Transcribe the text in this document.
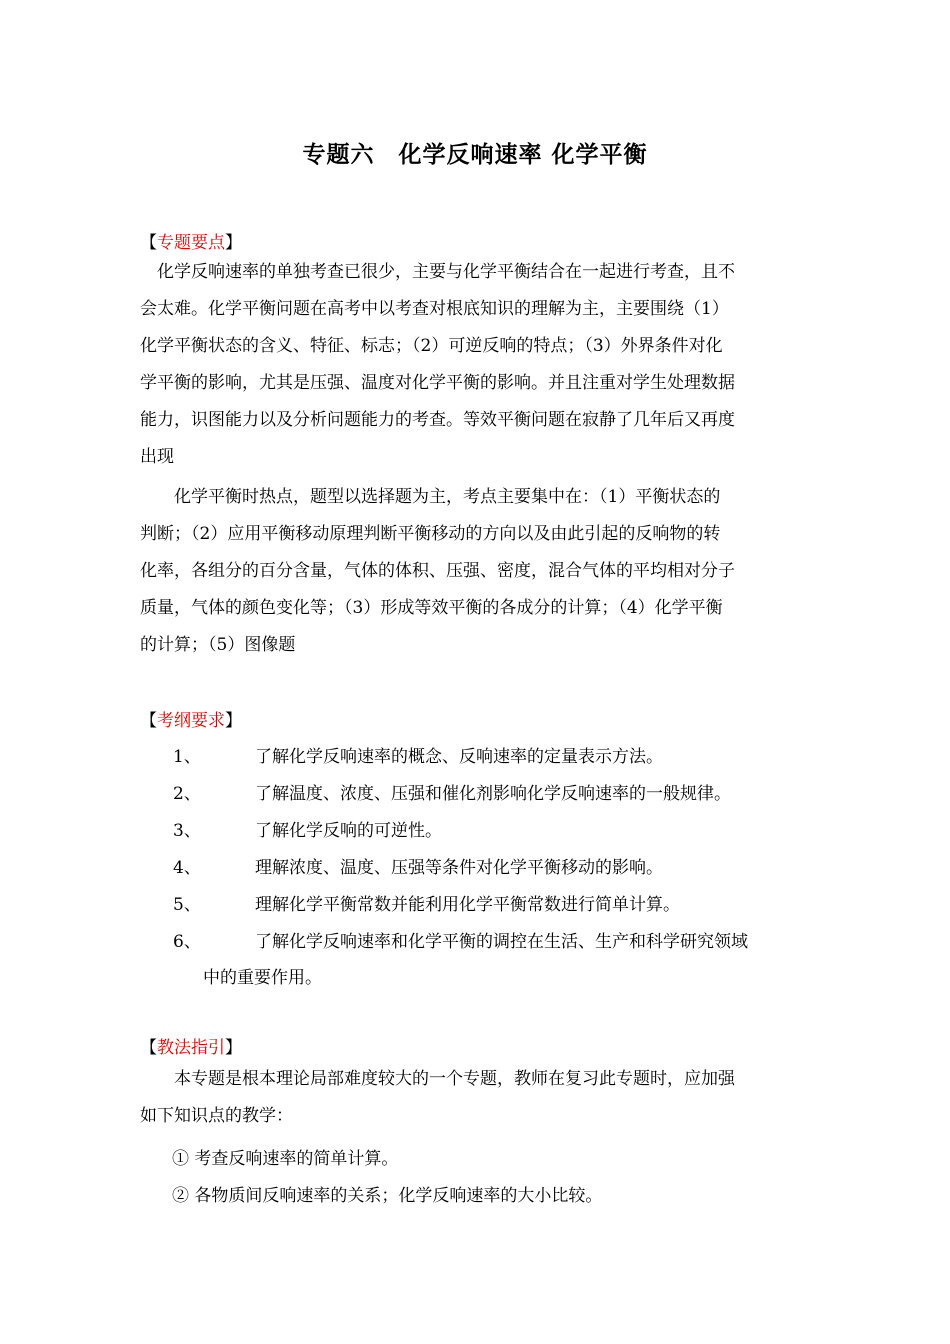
专题六　化学反响速率 化学平衡
【专题要点】
　化学反响速率的单独考查已很少，主要与化学平衡结合在一起进行考查，且不
会太难。化学平衡问题在高考中以考查对根底知识的理解为主，主要围绕（1）
化学平衡状态的含义、特征、标志；（2）可逆反响的特点；（3）外界条件对化
学平衡的影响，尤其是压强、温度对化学平衡的影响。并且注重对学生处理数据
能力，识图能力以及分析问题能力的考查。等效平衡问题在寂静了几年后又再度
出现
　　化学平衡时热点，题型以选择题为主，考点主要集中在：（1）平衡状态的
判断；（2）应用平衡移动原理判断平衡移动的方向以及由此引起的反响物的转
化率，各组分的百分含量，气体的体积、压强、密度，混合气体的平均相对分子
质量，气体的颜色变化等；（3）形成等效平衡的各成分的计算；（4）化学平衡
的计算；（5）图像题
【考纲要求】
1、	了解化学反响速率的概念、反响速率的定量表示方法。
2、	了解温度、浓度、压强和催化剂影响化学反响速率的一般规律。
3、	了解化学反响的可逆性。
4、	理解浓度、温度、压强等条件对化学平衡移动的影响。
5、	理解化学平衡常数并能利用化学平衡常数进行简单计算。
6、	了解化学反响速率和化学平衡的调控在生活、生产和科学研究领域
中的重要作用。
【教法指引】
　　本专题是根本理论局部难度较大的一个专题，教师在复习此专题时，应加强
如下知识点的教学：
① 考查反响速率的简单计算。
② 各物质间反响速率的关系；化学反响速率的大小比较。
